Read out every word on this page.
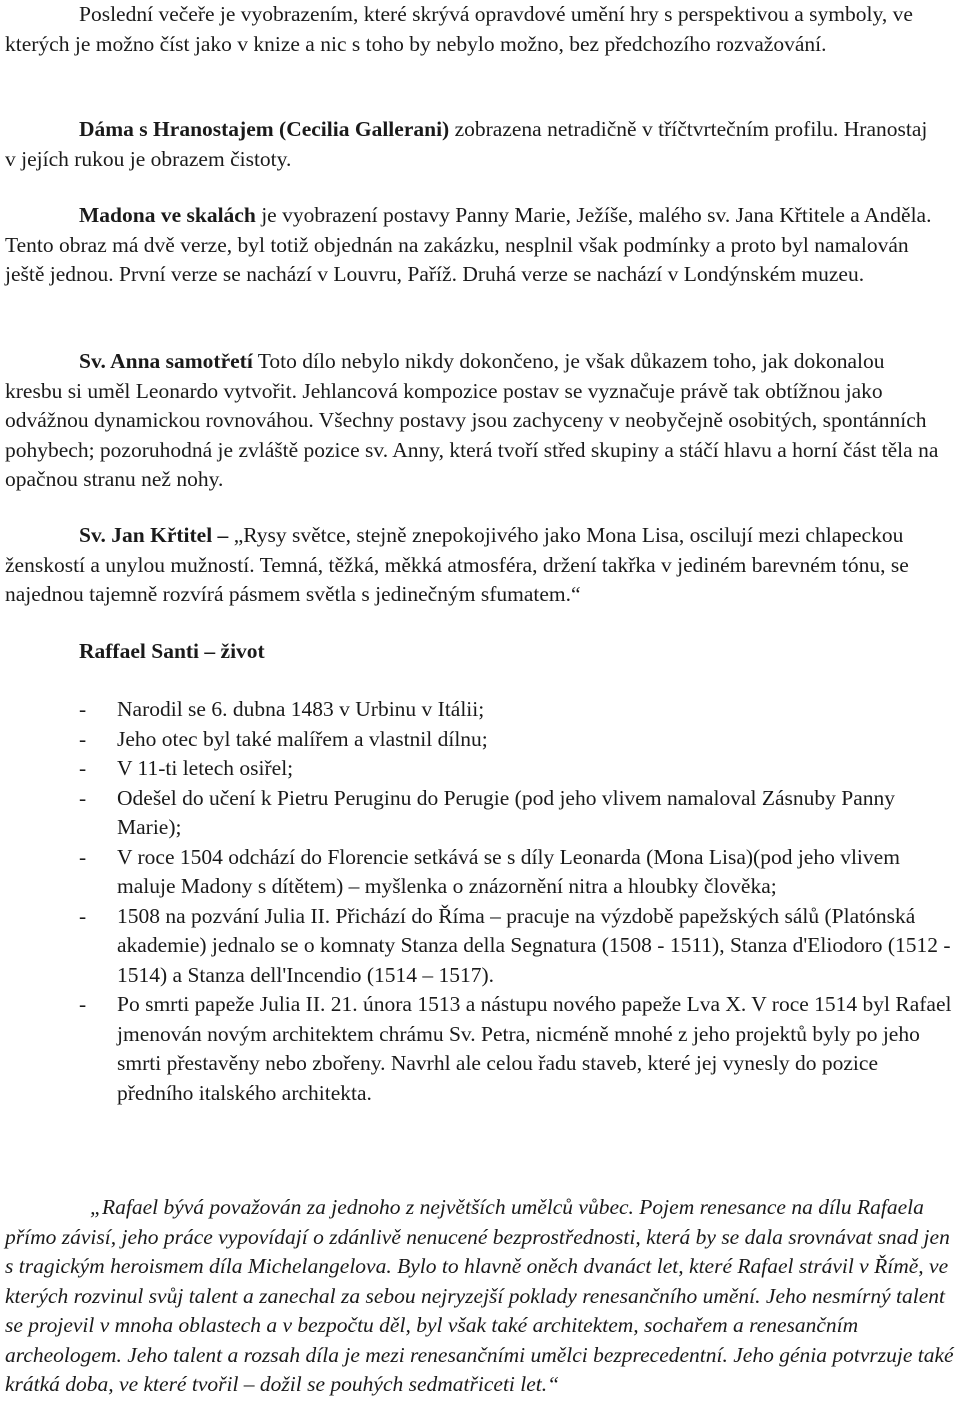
Poslední večeře je vyobrazením, které skrývá opravdové umění hry s perspektivou a symboly, ve kterých je možno číst jako v knize a nic s toho by nebylo možno, bez předchozího rozvažování.

Dáma s Hranostajem (Cecilia Gallerani) zobrazena netradičně v tříčtvrtečním profilu. Hranostaj v jejích rukou je obrazem čistoty.

Madona ve skalách je vyobrazení postavy Panny Marie, Ježíše, malého sv. Jana Křtitele a Anděla. Tento obraz má dvě verze, byl totiž objednán na zakázku, nesplnil však podmínky a proto byl namalován ještě jednou. První verze se nachází v Louvru, Paříž. Druhá verze se nachází v Londýnském muzeu.

Sv. Anna samotřetí Toto dílo nebylo nikdy dokončeno, je však důkazem toho, jak dokonalou kresbu si uměl Leonardo vytvořit. Jehlancová kompozice postav se vyznačuje právě tak obtížnou jako odvážnou dynamickou rovnováhou. Všechny postavy jsou zachyceny v neobyčejně osobitých, spontánních pohybech; pozoruhodná je zvláště pozice sv. Anny, která tvoří střed skupiny a stáčí hlavu a horní část těla na opačnou stranu než nohy.

Sv. Jan Křtitel – „Rysy světce, stejně znepokojivého jako Mona Lisa, oscilují mezi chlapeckou ženskostí a unylou mužností. Temná, těžká, měkká atmosféra, držení takřka v jediném barevném tónu, se najednou tajemně rozvírá pásmem světla s jedinečným sfumatem.“

Raffael Santi – život

- Narodil se 6. dubna 1483 v Urbinu v Itálii;
- Jeho otec byl také malířem a vlastnil dílnu;
- V 11-ti letech osiřel;
- Odešel do učení k Pietru Peruginu do Perugie (pod jeho vlivem namaloval Zásnuby Panny Marie);
- V roce 1504 odchází do Florencie setkává se s díly Leonarda (Mona Lisa)(pod jeho vlivem maluje Madony s dítětem) – myšlenka o znázornění nitra a hloubky člověka;
- 1508 na pozvání Julia II. Přichází do Říma – pracuje na výzdobě papežských sálů (Platónská akademie) jednalo se o komnaty Stanza della Segnatura (1508 - 1511), Stanza d'Eliodoro (1512 - 1514) a Stanza dell'Incendio (1514 – 1517).
- Po smrti papeže Julia II. 21. února 1513 a nástupu nového papeže Lva X. V roce 1514 byl Rafael jmenován novým architektem chrámu Sv. Petra, nicméně mnohé z jeho projektů byly po jeho smrti přestavěny nebo zbořeny. Navrhl ale celou řadu staveb, které jej vynesly do pozice předního italského architekta.

„Rafael bývá považován za jednoho z největších umělců vůbec. Pojem renesance na dílu Rafaela přímo závisí, jeho práce vypovídají o zdánlivě nenucené bezprostřednosti, která by se dala srovnávat snad jen s tragickým heroismem díla Michelangelova. Bylo to hlavně oněch dvanáct let, které Rafael strávil v Římě, ve kterých rozvinul svůj talent a zanechal za sebou nejryzejší poklady renesančního umění. Jeho nesmírný talent se projevil v mnoha oblastech a v bezpočtu děl, byl však také architektem, sochařem a renesančním archeologem. Jeho talent a rozsah díla je mezi renesančními umělci bezprecedentní. Jeho génia potvrzuje také krátká doba, ve které tvořil – dožil se pouhých sedmatřiceti let.“
